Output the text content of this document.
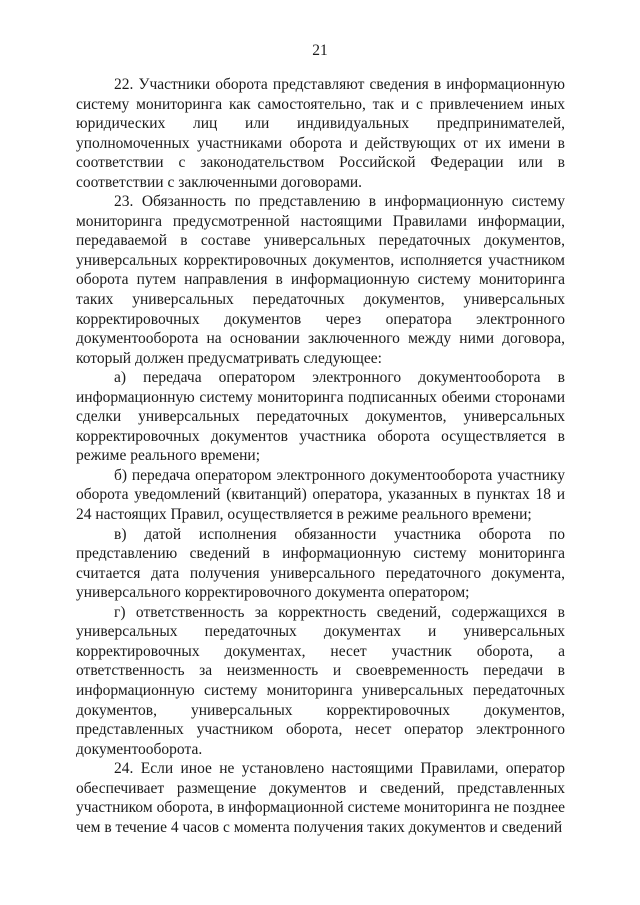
21

22. Участники оборота представляют сведения в информационную систему мониторинга как самостоятельно, так и с привлечением иных юридических лиц или индивидуальных предпринимателей, уполномоченных участниками оборота и действующих от их имени в соответствии с законодательством Российской Федерации или в соответствии с заключенными договорами.

23. Обязанность по представлению в информационную систему мониторинга предусмотренной настоящими Правилами информации, передаваемой в составе универсальных передаточных документов, универсальных корректировочных документов, исполняется участником оборота путем направления в информационную систему мониторинга таких универсальных передаточных документов, универсальных корректировочных документов через оператора электронного документооборота на основании заключенного между ними договора, который должен предусматривать следующее:

а) передача оператором электронного документооборота в информационную систему мониторинга подписанных обеими сторонами сделки универсальных передаточных документов, универсальных корректировочных документов участника оборота осуществляется в режиме реального времени;

б) передача оператором электронного документооборота участнику оборота уведомлений (квитанций) оператора, указанных в пунктах 18 и 24 настоящих Правил, осуществляется в режиме реального времени;

в) датой исполнения обязанности участника оборота по представлению сведений в информационную систему мониторинга считается дата получения универсального передаточного документа, универсального корректировочного документа оператором;

г) ответственность за корректность сведений, содержащихся в универсальных передаточных документах и универсальных корректировочных документах, несет участник оборота, а ответственность за неизменность и своевременность передачи в информационную систему мониторинга универсальных передаточных документов, универсальных корректировочных документов, представленных участником оборота, несет оператор электронного документооборота.

24. Если иное не установлено настоящими Правилами, оператор обеспечивает размещение документов и сведений, представленных участником оборота, в информационной системе мониторинга не позднее чем в течение 4 часов с момента получения таких документов и сведений
